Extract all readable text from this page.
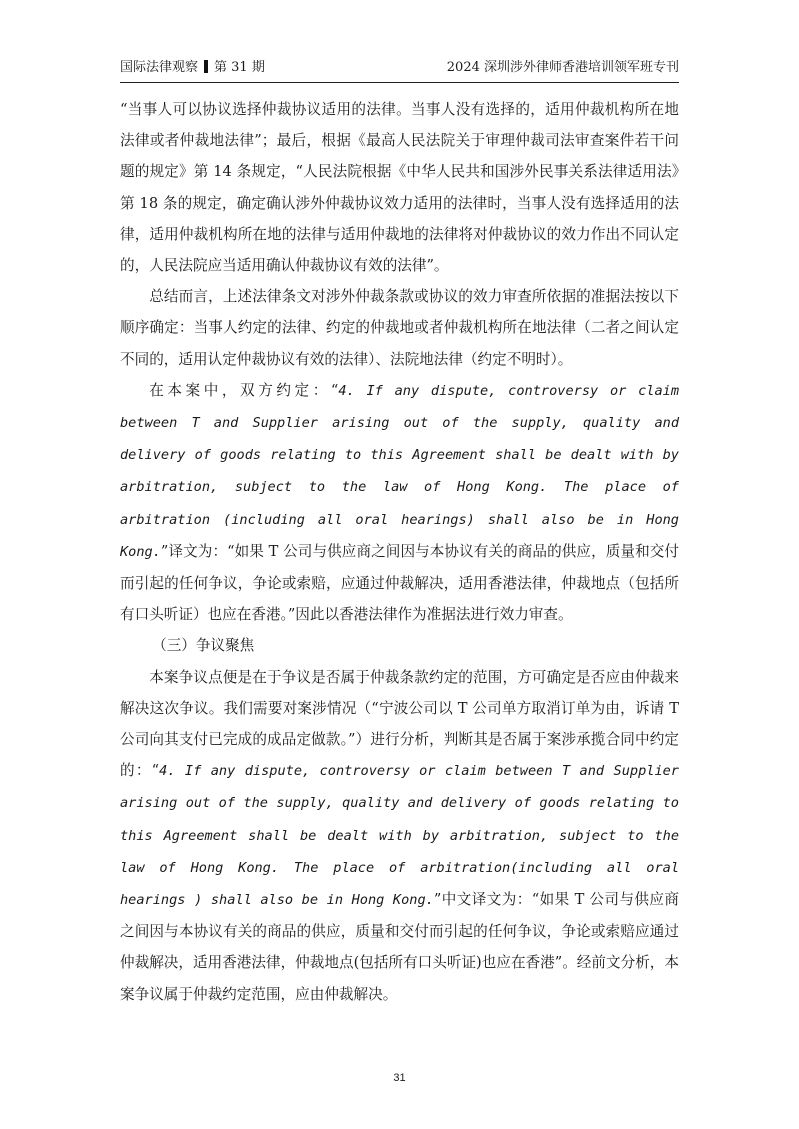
国际法律观察 第 31 期	2024 深圳涉外律师香港培训领军班专刊

“当事人可以协议选择仲裁协议适用的法律。当事人没有选择的，适用仲裁机构所在地法律或者仲裁地法律”；最后，根据《最高人民法院关于审理仲裁司法审查案件若干问题的规定》第 14 条规定，“人民法院根据《中华人民共和国涉外民事关系法律适用法》第 18 条的规定，确定确认涉外仲裁协议效力适用的法律时，当事人没有选择适用的法律，适用仲裁机构所在地的法律与适用仲裁地的法律将对仲裁协议的效力作出不同认定的，人民法院应当适用确认仲裁协议有效的法律”。

总结而言，上述法律条文对涉外仲裁条款或协议的效力审查所依据的准据法按以下顺序确定：当事人约定的法律、约定的仲裁地或者仲裁机构所在地法律（二者之间认定不同的，适用认定仲裁协议有效的法律）、法院地法律（约定不明时）。

在本案中，双方约定：“4. If any dispute, controversy or claim between T and Supplier arising out of the supply, quality and delivery of goods relating to this Agreement shall be dealt with by arbitration, subject to the law of Hong Kong. The place of arbitration (including all oral hearings) shall also be in Hong Kong.”译文为：“如果 T 公司与供应商之间因与本协议有关的商品的供应，质量和交付而引起的任何争议，争论或索赔，应通过仲裁解决，适用香港法律，仲裁地点（包括所有口头听证）也应在香港。”因此以香港法律作为准据法进行效力审查。

（三）争议聚焦

本案争议点便是在于争议是否属于仲裁条款约定的范围，方可确定是否应由仲裁来解决这次争议。我们需要对案涉情况（“宁波公司以 T 公司单方取消订单为由，诉请 T 公司向其支付已完成的成品定做款。”）进行分析，判断其是否属于案涉承揽合同中约定的：“4. If any dispute, controversy or claim between T and Supplier arising out of the supply, quality and delivery of goods relating to this Agreement shall be dealt with by arbitration, subject to the law of Hong Kong. The place of arbitration(including all oral hearings ) shall also be in Hong Kong.”中文译文为：“如果 T 公司与供应商之间因与本协议有关的商品的供应，质量和交付而引起的任何争议，争论或索赔应通过仲裁解决，适用香港法律，仲裁地点(包括所有口头听证)也应在香港”。经前文分析，本案争议属于仲裁约定范围，应由仲裁解决。

31
